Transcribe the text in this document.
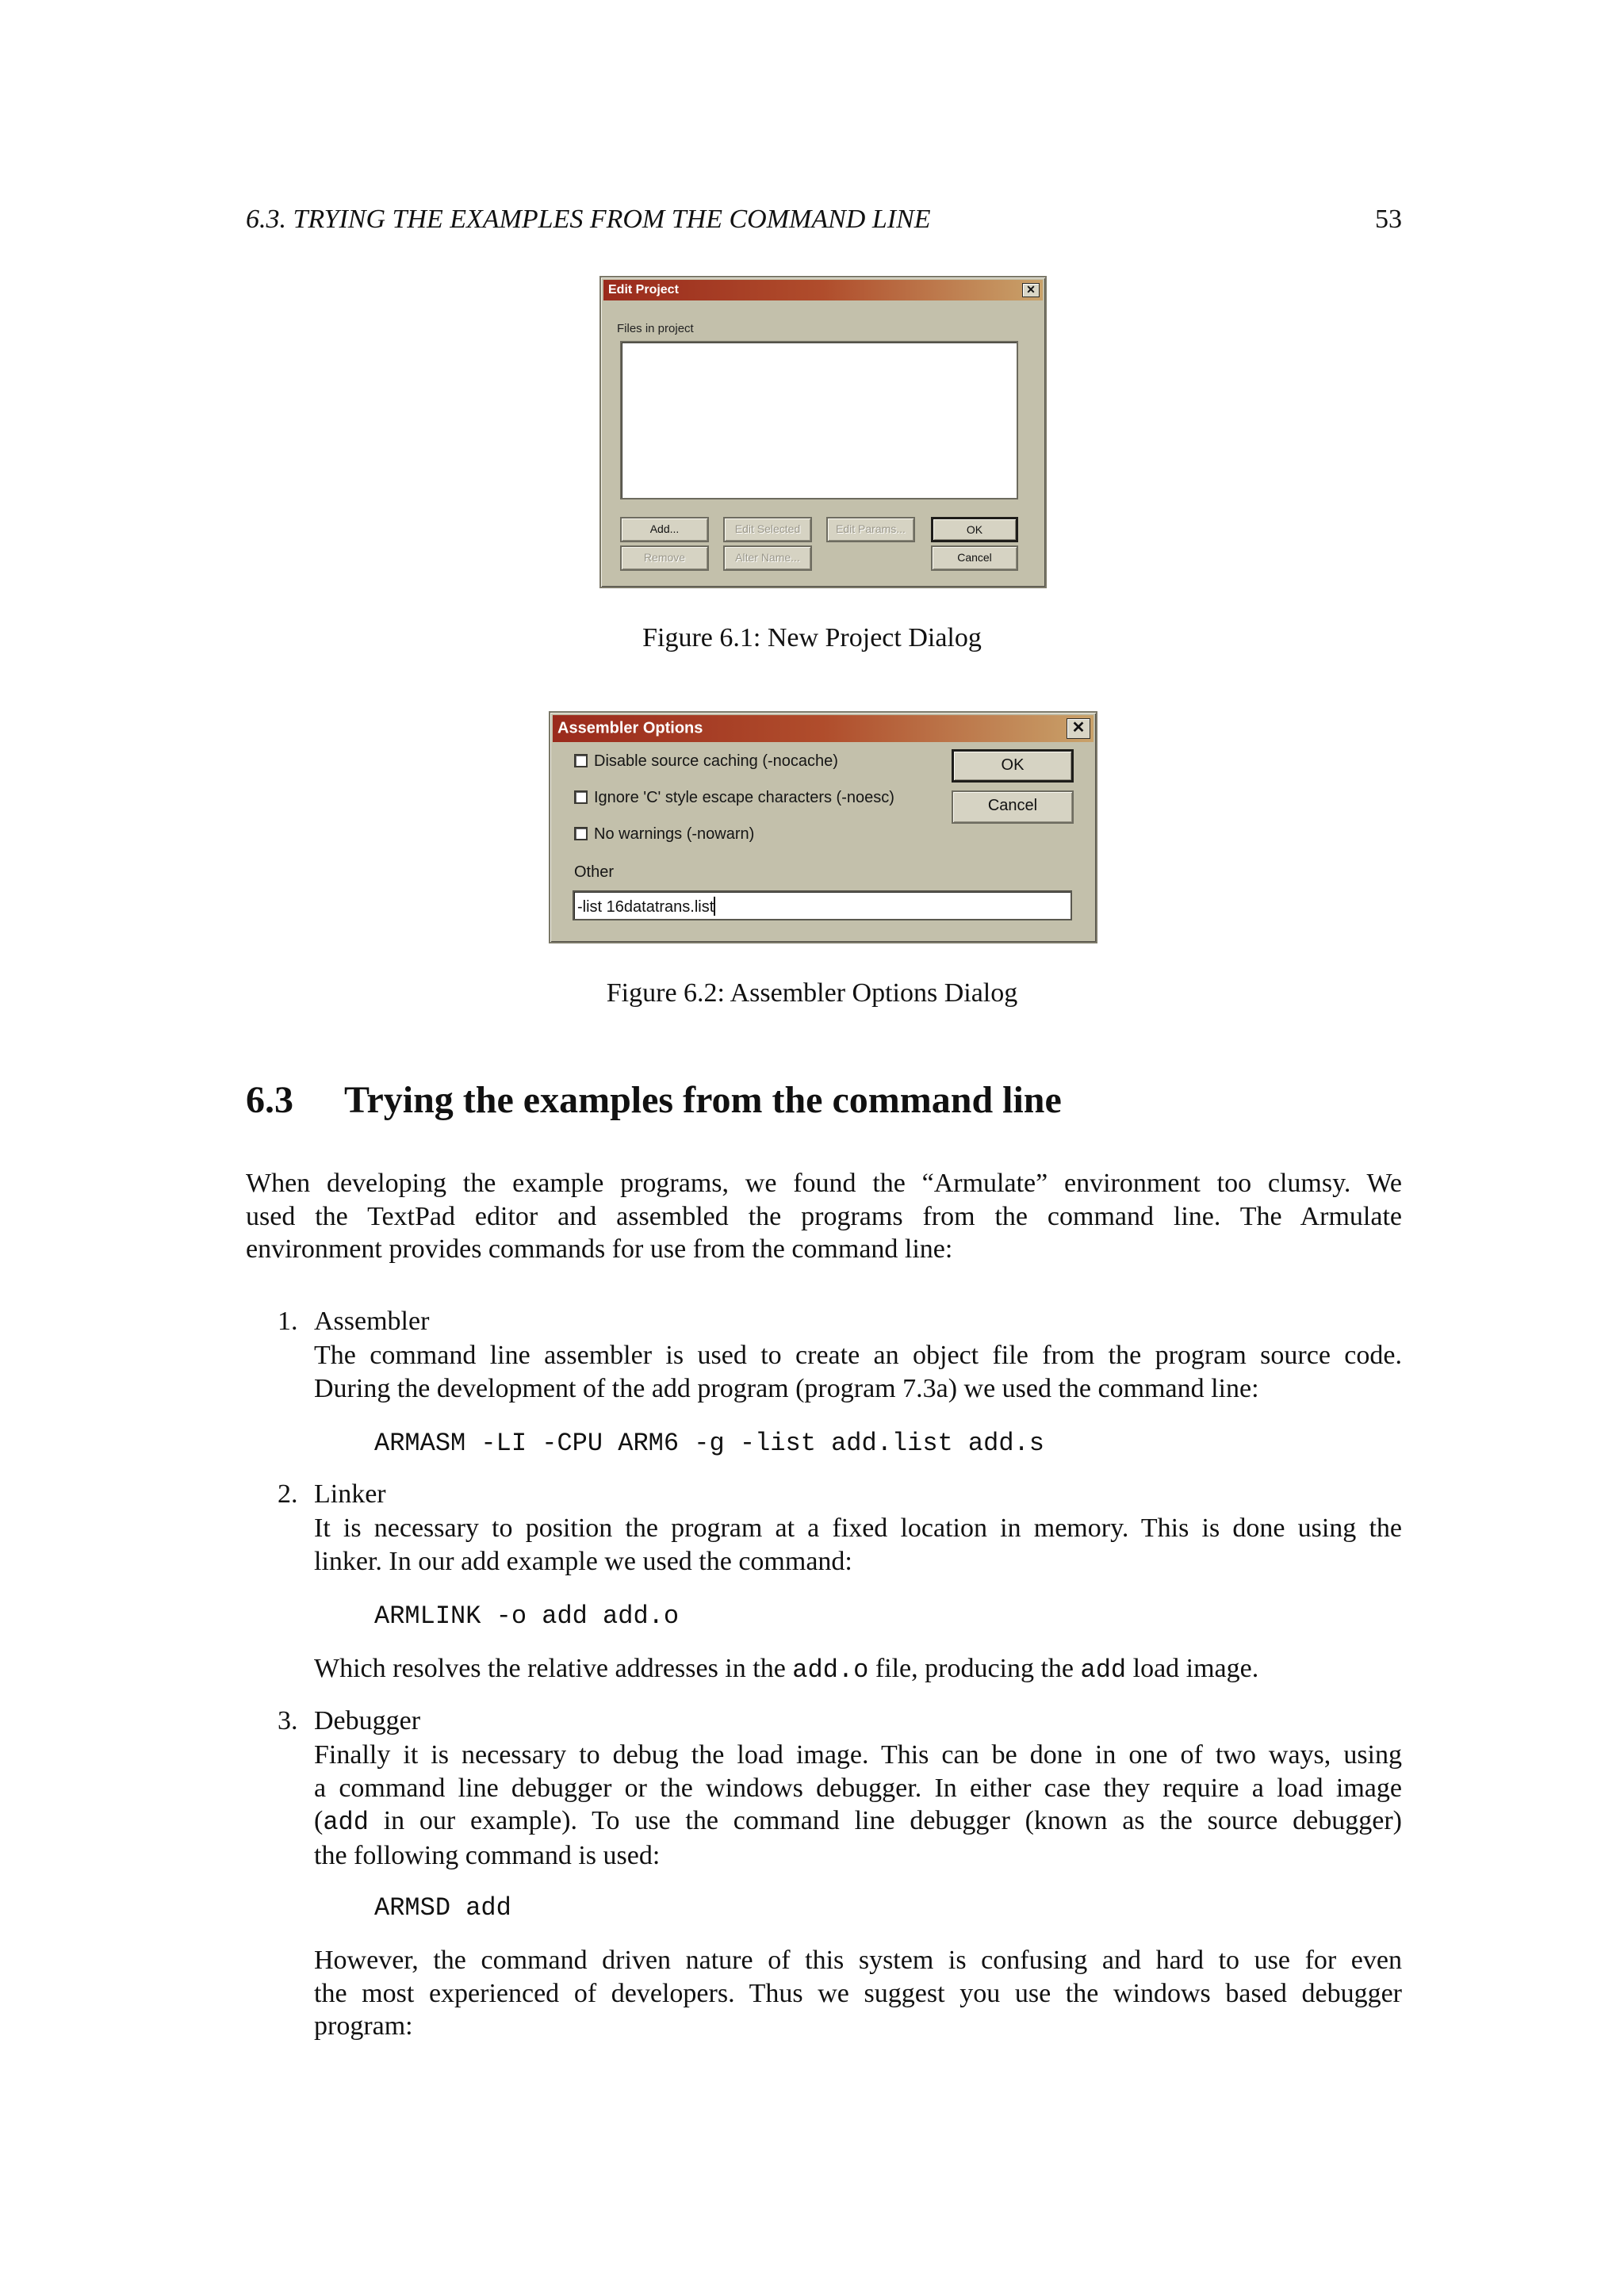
6.3. TRYING THE EXAMPLES FROM THE COMMAND LINE	53
Edit Project	✕
Files in project
Add...	Edit Selected	Edit Params...	OK
Remove	Alter Name...	Cancel
Figure 6.1: New Project Dialog
Assembler Options	✕
Disable source caching (-nocache)
Ignore 'C' style escape characters (-noesc)
No warnings (-nowarn)
OK
Cancel
Other
-list 16datatrans.list
Figure 6.2: Assembler Options Dialog
6.3 Trying the examples from the command line
When developing the example programs, we found the “Armulate” environment too clumsy. We
used the TextPad editor and assembled the programs from the command line. The Armulate
environment provides commands for use from the command line:
1. Assembler
The command line assembler is used to create an object file from the program source code.
During the development of the add program (program 7.3a) we used the command line:
ARMASM -LI -CPU ARM6 -g -list add.list add.s
2. Linker
It is necessary to position the program at a fixed location in memory. This is done using the
linker. In our add example we used the command:
ARMLINK -o add add.o
Which resolves the relative addresses in the add.o file, producing the add load image.
3. Debugger
Finally it is necessary to debug the load image. This can be done in one of two ways, using
a command line debugger or the windows debugger. In either case they require a load image
(add in our example). To use the command line debugger (known as the source debugger)
the following command is used:
ARMSD add
However, the command driven nature of this system is confusing and hard to use for even
the most experienced of developers. Thus we suggest you use the windows based debugger
program:
